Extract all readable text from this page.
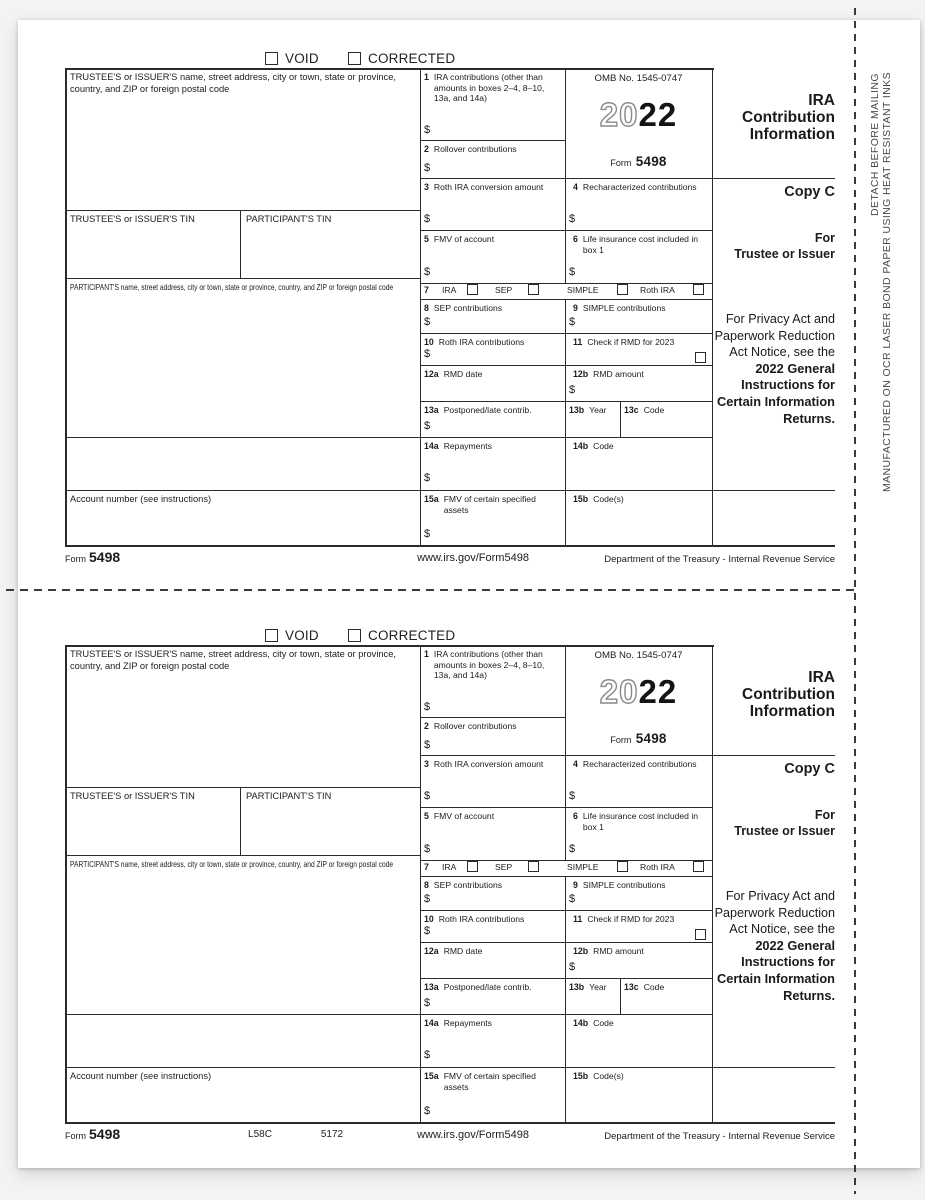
VOID	CORRECTED
TRUSTEE'S or ISSUER'S name, street address, city or town, state or province, country, and ZIP or foreign postal code
TRUSTEE'S or ISSUER'S TIN	PARTICIPANT'S TIN
PARTICIPANT'S name, street address, city or town, state or province, country, and ZIP or foreign postal code
Account number (see instructions)
1 IRA contributions (other than amounts in boxes 2–4, 8–10, 13a, and 14a)
$
2 Rollover contributions
$
OMB No. 1545-0747
2022
Form 5498
3 Roth IRA conversion amount
$
4 Recharacterized contributions
$
5 FMV of account
$
6 Life insurance cost included in box 1
$
7 IRA	SEP	SIMPLE	Roth IRA
8 SEP contributions
$
9 SIMPLE contributions
$
10 Roth IRA contributions
$
11 Check if RMD for 2023
12a RMD date	12b RMD amount
$
13a Postponed/late contrib.
$
13b Year 13c Code
14a Repayments
$
14b Code
15a FMV of certain specified assets
$
15b Code(s)
IRA
Contribution
Information
Copy C
For
Trustee or Issuer
For Privacy Act and Paperwork Reduction Act Notice, see the 2022 General Instructions for Certain Information Returns.
Form 5498	www.irs.gov/Form5498	Department of the Treasury - Internal Revenue Service
VOID	CORRECTED
TRUSTEE'S or ISSUER'S name, street address, city or town, state or province, country, and ZIP or foreign postal code
TRUSTEE'S or ISSUER'S TIN	PARTICIPANT'S TIN
PARTICIPANT'S name, street address, city or town, state or province, country, and ZIP or foreign postal code
Account number (see instructions)
1 IRA contributions (other than amounts in boxes 2–4, 8–10, 13a, and 14a)
$
2 Rollover contributions
$
OMB No. 1545-0747
2022
Form 5498
3 Roth IRA conversion amount
$
4 Recharacterized contributions
$
5 FMV of account
$
6 Life insurance cost included in box 1
$
7 IRA	SEP	SIMPLE	Roth IRA
8 SEP contributions
$
9 SIMPLE contributions
$
10 Roth IRA contributions
$
11 Check if RMD for 2023
12a RMD date	12b RMD amount
$
13a Postponed/late contrib.
$
13b Year 13c Code
14a Repayments
$
14b Code
15a FMV of certain specified assets
$
15b Code(s)
IRA
Contribution
Information
Copy C
For
Trustee or Issuer
For Privacy Act and Paperwork Reduction Act Notice, see the 2022 General Instructions for Certain Information Returns.
Form 5498	L58C	5172	www.irs.gov/Form5498	Department of the Treasury - Internal Revenue Service
DETACH BEFORE MAILING MANUFACTURED ON OCR LASER BOND PAPER USING HEAT RESISTANT INKS
